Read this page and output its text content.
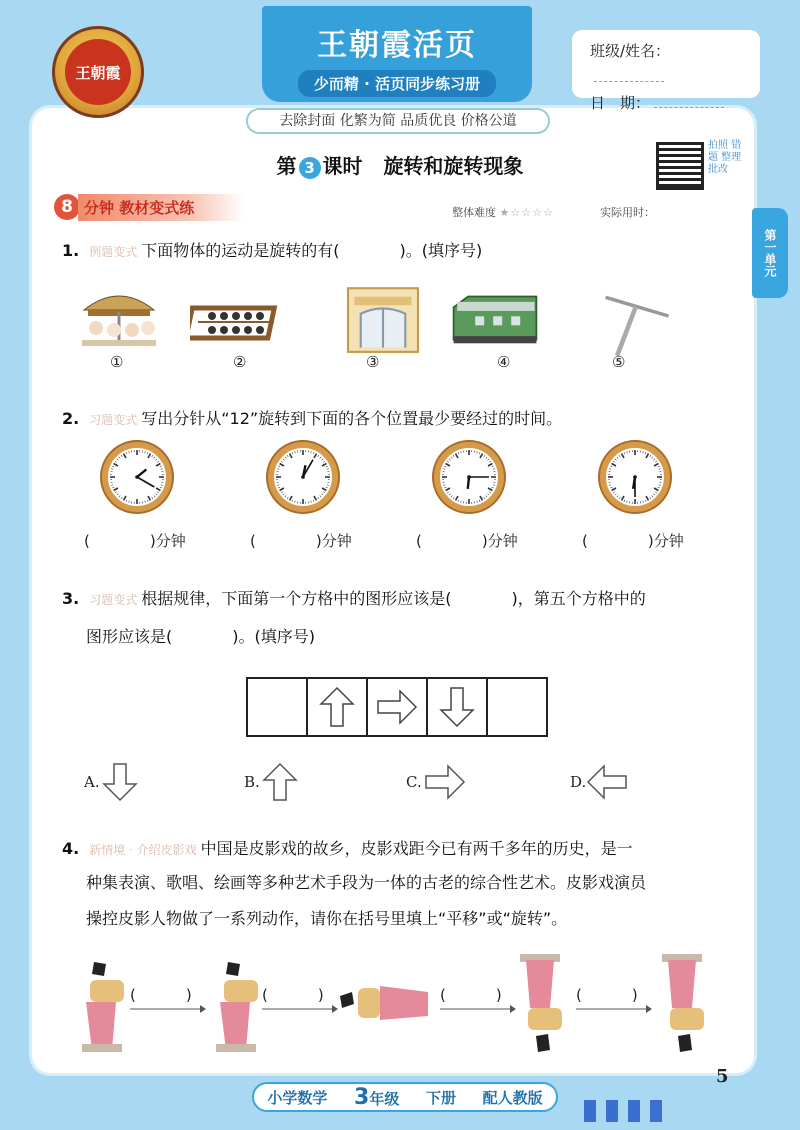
王朝霞
王朝霞活页
少而精 · 活页同步练习册
去除封面 化繁为简 品质优良 价格公道
班级/姓名：
日　期：
第一单元
第 3 课时 旋转和旋转现象
拍照 错题 整理 批改
8 分钟 教材变式练	整体难度 ★☆☆☆☆	实际用时：
1. 例题变式 下面物体的运动是旋转的有(	)。(填序号)
①	②	③	④	⑤
2. 习题变式 写出分针从“12”旋转到下面的各个位置最少要经过的时间。
(	)分钟	(	)分钟	(	)分钟	(	)分钟
3. 习题变式 根据规律，下面第一个方格中的图形应该是(	)，第五个方格中的
图形应该是(	)。(填序号)
A.	B.	C.	D.
4. 新情境 · 介绍皮影戏 中国是皮影戏的故乡，皮影戏距今已有两千多年的历史，是一
种集表演、歌唱、绘画等多种艺术手段为一体的古老的综合性艺术。皮影戏演员
操控皮影人物做了一系列动作，请你在括号里填上“平移”或“旋转”。
(	)	(	)	(	)	(	)
5
小学数学 3年级 下册 配人教版
